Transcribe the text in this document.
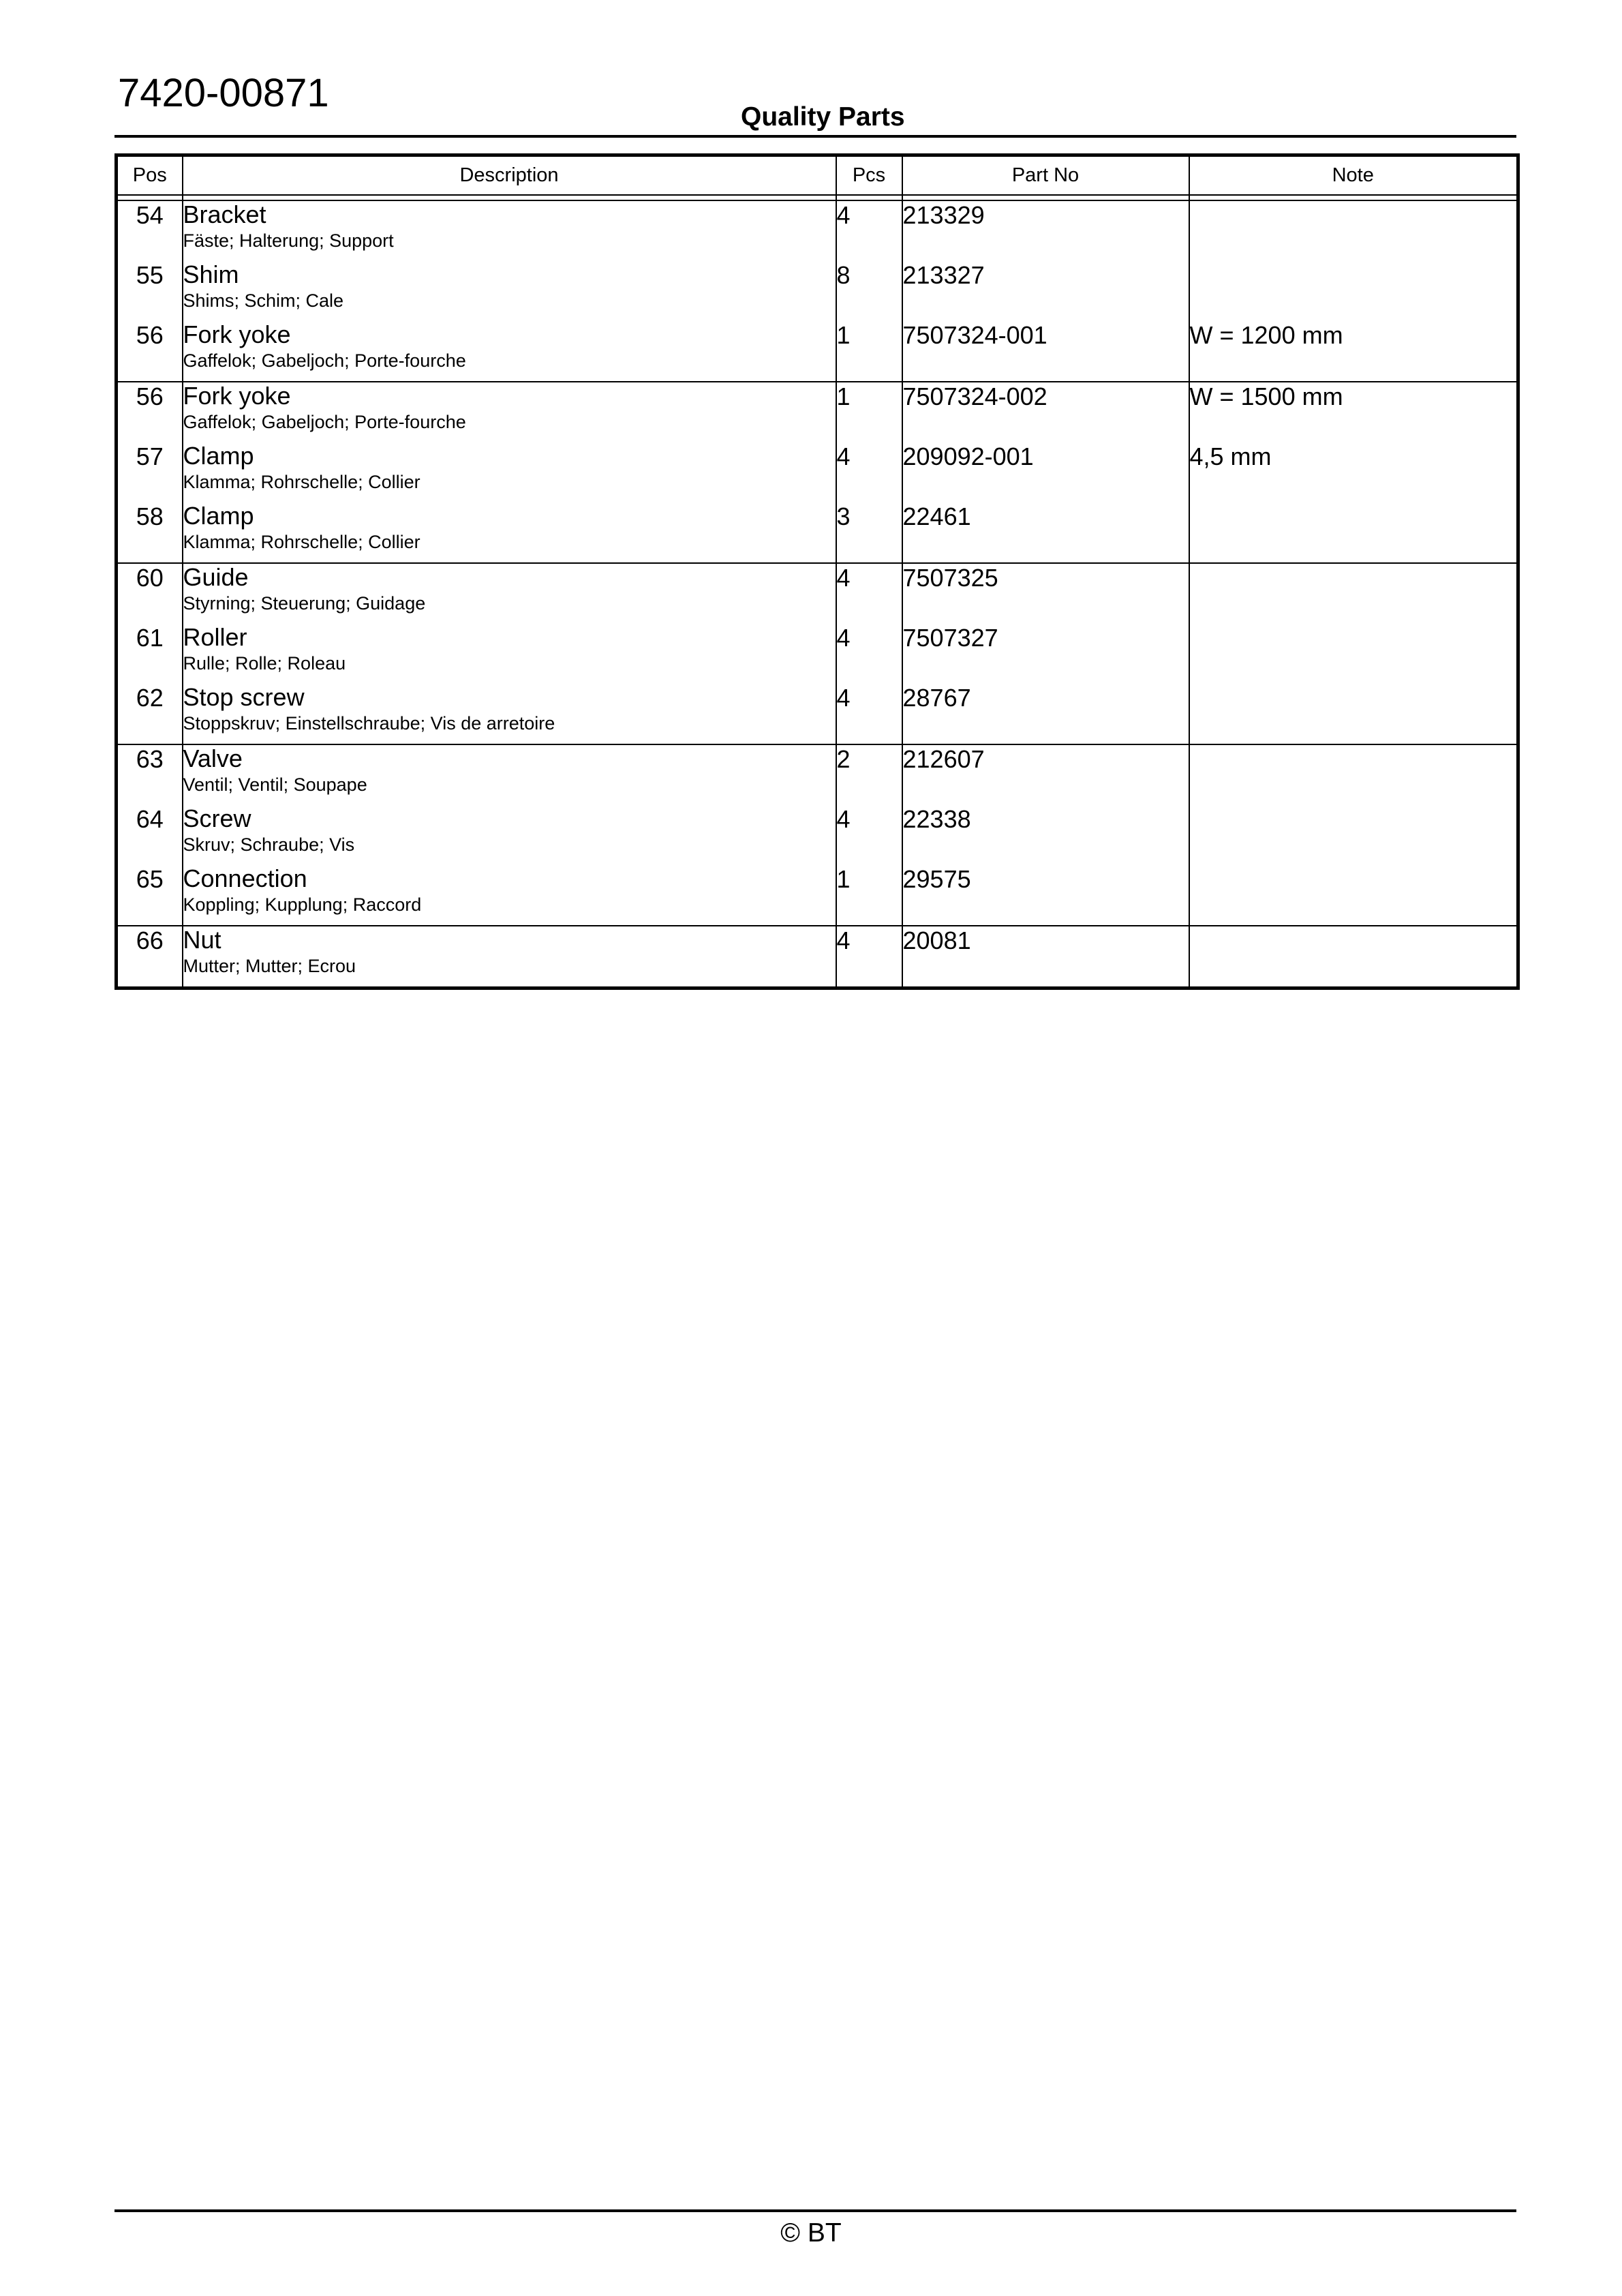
7420-00871
Quality Parts
Pos	Description	Pcs	Part No	Note

54	Bracket
Fäste; Halterung; Support	4	213329	
55	Shim
Shims; Schim; Cale	8	213327	
56	Fork yoke
Gaffelok; Gabeljoch; Porte-fourche	1	7507324-001	W = 1200 mm
56	Fork yoke
Gaffelok; Gabeljoch; Porte-fourche	1	7507324-002	W = 1500 mm
57	Clamp
Klamma; Rohrschelle; Collier	4	209092-001	4,5 mm
58	Clamp
Klamma; Rohrschelle; Collier	3	22461	
60	Guide
Styrning; Steuerung; Guidage	4	7507325	
61	Roller
Rulle; Rolle; Roleau	4	7507327	
62	Stop screw
Stoppskruv; Einstellschraube; Vis de arretoire	4	28767	
63	Valve
Ventil; Ventil; Soupape	2	212607	
64	Screw
Skruv; Schraube; Vis	4	22338	
65	Connection
Koppling; Kupplung; Raccord	1	29575	
66	Nut
Mutter; Mutter; Ecrou	4	20081	
© BT
